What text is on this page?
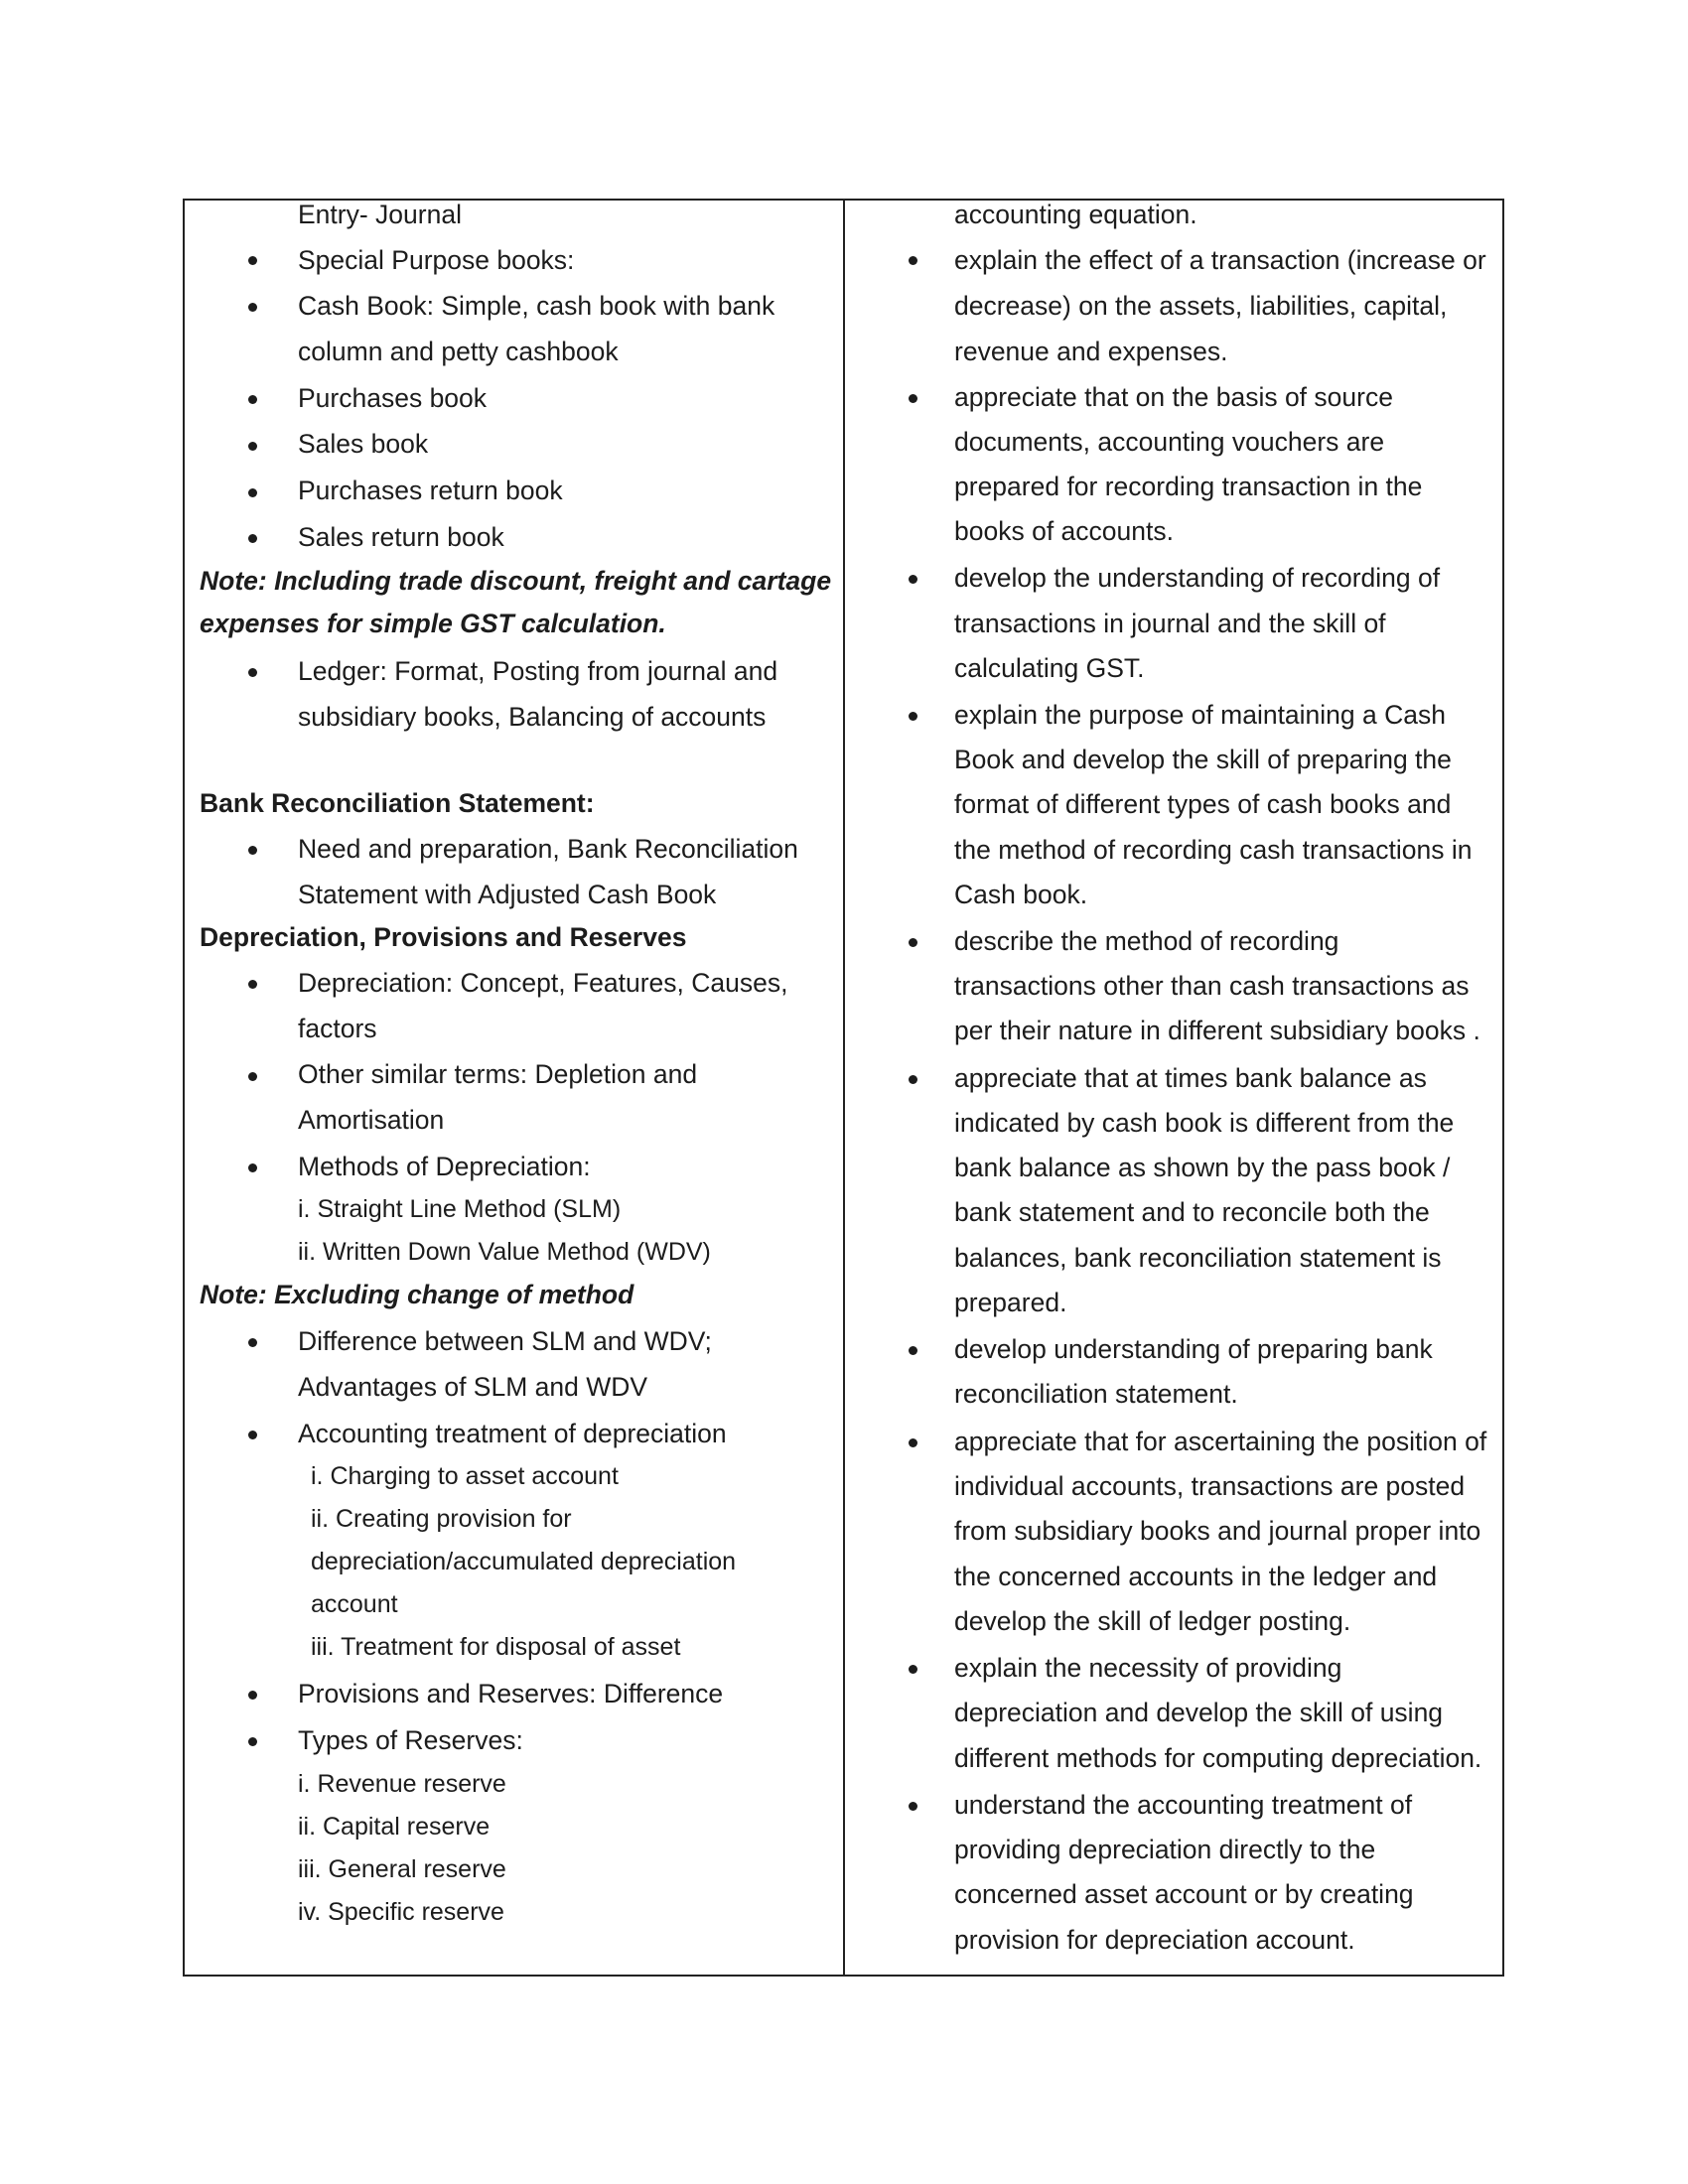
Entry- Journal
Special Purpose books:
Cash Book: Simple, cash book with bank
column and petty cashbook
Purchases book
Sales book
Purchases return book
Sales return book
Note: Including trade discount, freight and cartage
expenses for simple GST calculation.
Ledger: Format, Posting from journal and
subsidiary books, Balancing of accounts
Bank Reconciliation Statement:
Need and preparation, Bank Reconciliation
Statement with Adjusted Cash Book
Depreciation, Provisions and Reserves
Depreciation: Concept, Features, Causes,
factors
Other similar terms: Depletion and
Amortisation
Methods of Depreciation:
i. Straight Line Method (SLM)
ii. Written Down Value Method (WDV)
Note: Excluding change of method
Difference between SLM and WDV;
Advantages of SLM and WDV
Accounting treatment of depreciation
i. Charging to asset account
ii. Creating provision for
depreciation/accumulated depreciation
account
iii. Treatment for disposal of asset
Provisions and Reserves: Difference
Types of Reserves:
i. Revenue reserve
ii. Capital reserve
iii. General reserve
iv. Specific reserve
accounting equation.
explain the effect of a transaction (increase or
decrease) on the assets, liabilities, capital,
revenue and expenses.
appreciate that on the basis of source
documents, accounting vouchers are
prepared for recording transaction in the
books of accounts.
develop the understanding of recording of
transactions in journal and the skill of
calculating GST.
explain the purpose of maintaining a Cash
Book and develop the skill of preparing the
format of different types of cash books and
the method of recording cash transactions in
Cash book.
describe the method of recording
transactions other than cash transactions as
per their nature in different subsidiary books .
appreciate that at times bank balance as
indicated by cash book is different from the
bank balance as shown by the pass book /
bank statement and to reconcile both the
balances, bank reconciliation statement is
prepared.
develop understanding of preparing bank
reconciliation statement.
appreciate that for ascertaining the position of
individual accounts, transactions are posted
from subsidiary books and journal proper into
the concerned accounts in the ledger and
develop the skill of ledger posting.
explain the necessity of providing
depreciation and develop the skill of using
different methods for computing depreciation.
understand the accounting treatment of
providing depreciation directly to the
concerned asset account or by creating
provision for depreciation account.
